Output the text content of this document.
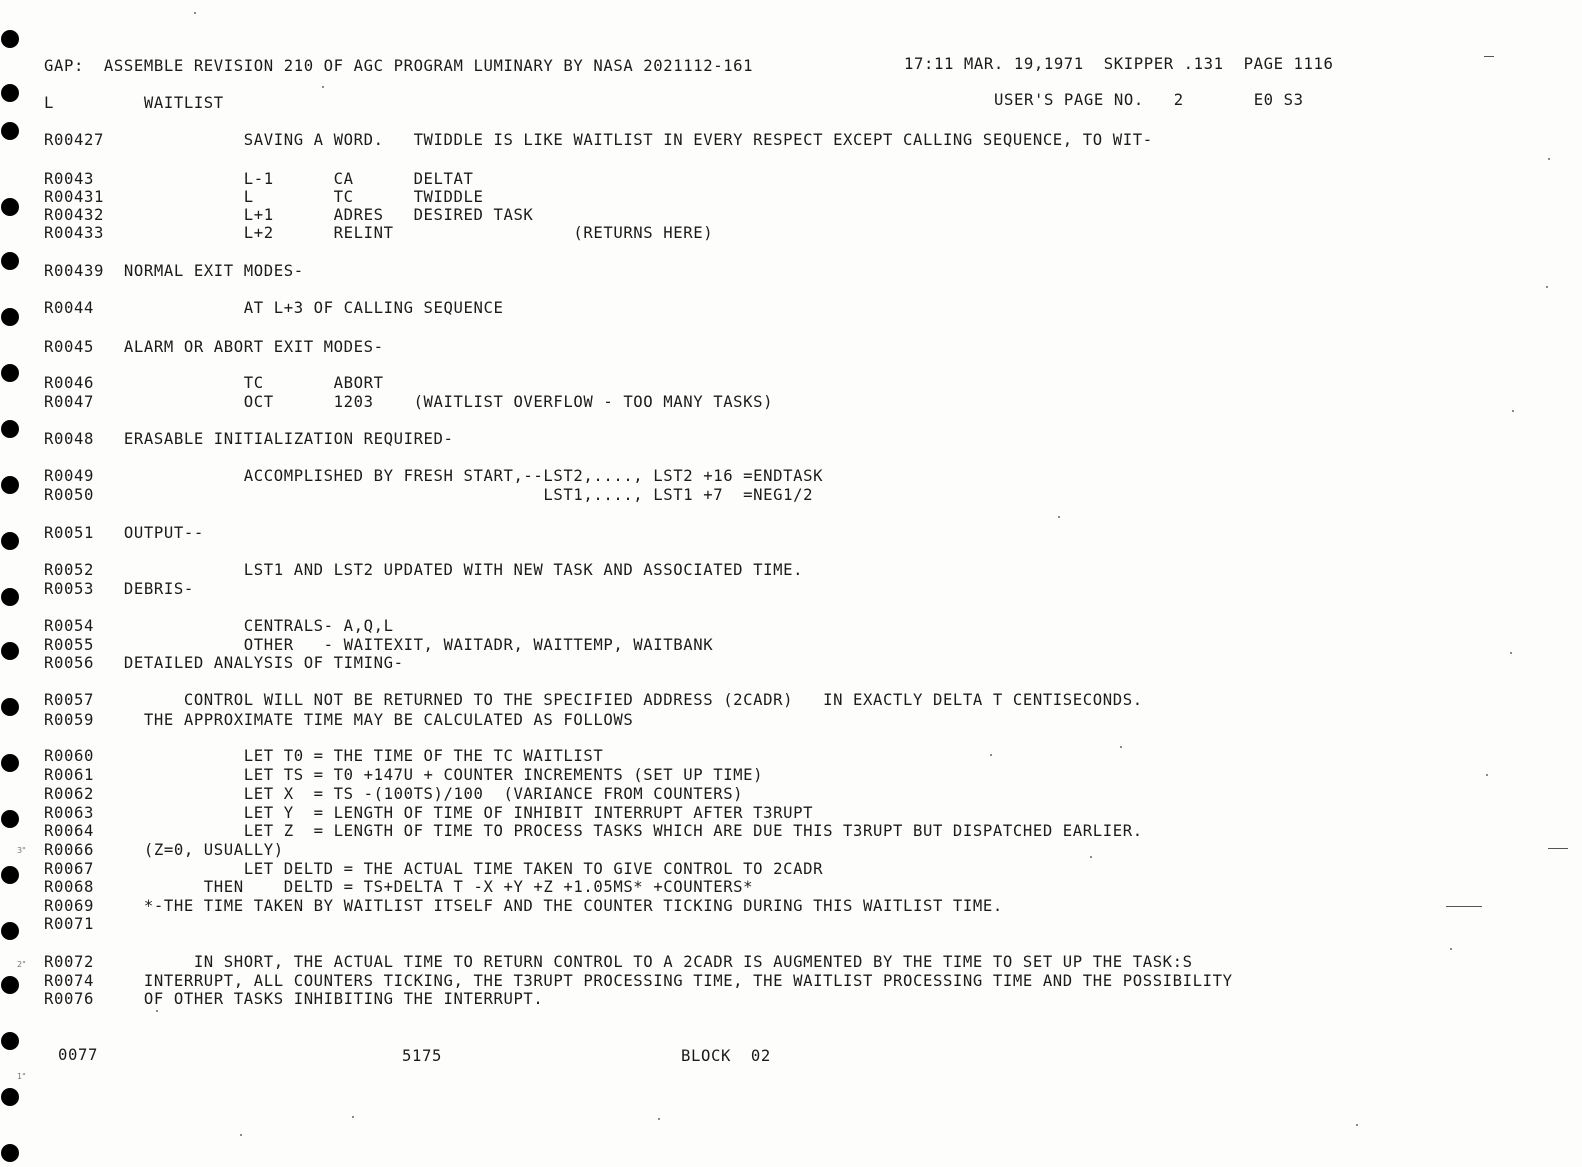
3"
2"
1"
GAP:  ASSEMBLE REVISION 210 OF AGC PROGRAM LUMINARY BY NASA 2021112-161	17:11 MAR. 19,1971  SKIPPER .131  PAGE 1116
L         WAITLIST	USER'S PAGE NO.   2       E0 S3
R00427              SAVING A WORD.   TWIDDLE IS LIKE WAITLIST IN EVERY RESPECT EXCEPT CALLING SEQUENCE, TO WIT-
R0043               L-1      CA      DELTAT
R00431              L        TC      TWIDDLE
R00432              L+1      ADRES   DESIRED TASK
R00433              L+2      RELINT                  (RETURNS HERE)
R00439  NORMAL EXIT MODES-
R0044               AT L+3 OF CALLING SEQUENCE
R0045   ALARM OR ABORT EXIT MODES-
R0046               TC       ABORT
R0047               OCT      1203    (WAITLIST OVERFLOW - TOO MANY TASKS)
R0048   ERASABLE INITIALIZATION REQUIRED-
R0049               ACCOMPLISHED BY FRESH START,--LST2,...., LST2 +16 =ENDTASK
R0050                                             LST1,...., LST1 +7  =NEG1/2
R0051   OUTPUT--
R0052               LST1 AND LST2 UPDATED WITH NEW TASK AND ASSOCIATED TIME.
R0053   DEBRIS-
R0054               CENTRALS- A,Q,L
R0055               OTHER   - WAITEXIT, WAITADR, WAITTEMP, WAITBANK
R0056   DETAILED ANALYSIS OF TIMING-
R0057         CONTROL WILL NOT BE RETURNED TO THE SPECIFIED ADDRESS (2CADR)   IN EXACTLY DELTA T CENTISECONDS.
R0059     THE APPROXIMATE TIME MAY BE CALCULATED AS FOLLOWS
R0060               LET T0 = THE TIME OF THE TC WAITLIST
R0061               LET TS = T0 +147U + COUNTER INCREMENTS (SET UP TIME)
R0062               LET X  = TS -(100TS)/100  (VARIANCE FROM COUNTERS)
R0063               LET Y  = LENGTH OF TIME OF INHIBIT INTERRUPT AFTER T3RUPT
R0064               LET Z  = LENGTH OF TIME TO PROCESS TASKS WHICH ARE DUE THIS T3RUPT BUT DISPATCHED EARLIER.
R0066     (Z=0, USUALLY)
R0067               LET DELTD = THE ACTUAL TIME TAKEN TO GIVE CONTROL TO 2CADR
R0068           THEN    DELTD = TS+DELTA T -X +Y +Z +1.05MS* +COUNTERS*
R0069     *-THE TIME TAKEN BY WAITLIST ITSELF AND THE COUNTER TICKING DURING THIS WAITLIST TIME.
R0071
R0072          IN SHORT, THE ACTUAL TIME TO RETURN CONTROL TO A 2CADR IS AUGMENTED BY THE TIME TO SET UP THE TASK:S
R0074     INTERRUPT, ALL COUNTERS TICKING, THE T3RUPT PROCESSING TIME, THE WAITLIST PROCESSING TIME AND THE POSSIBILITY
R0076     OF OTHER TASKS INHIBITING THE INTERRUPT.
0077	5175	BLOCK  02
